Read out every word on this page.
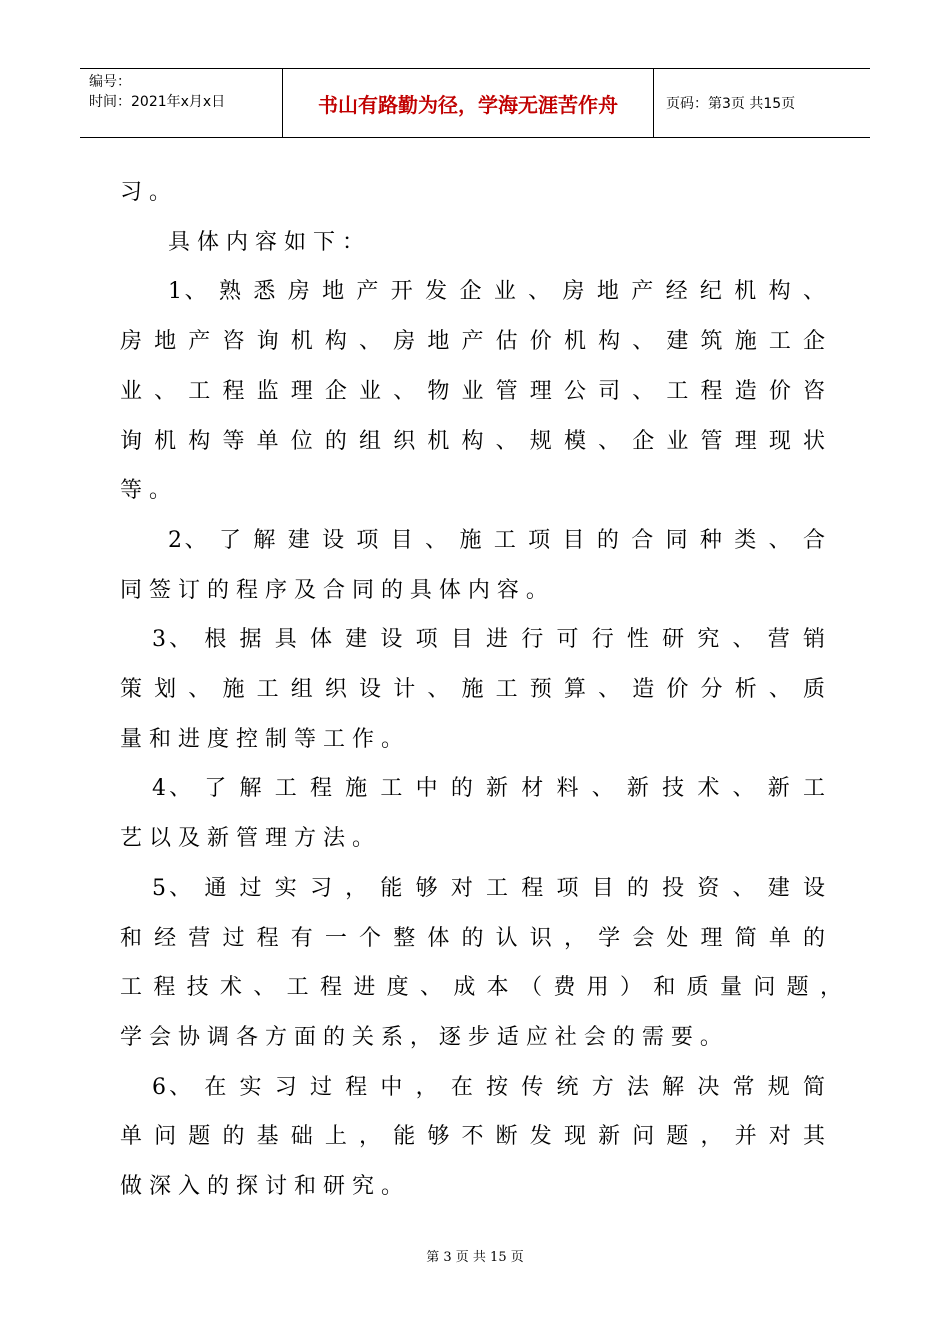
编号：
时间：2021年x月x日	书山有路勤为径，学海无涯苦作舟	页码：第3页 共15页
习 。
具 体 内 容 如 下 ：
1、 熟 悉 房 地 产 开 发 企 业 、 房 地 产 经 纪 机 构 、
房 地 产 咨 询 机 构 、 房 地 产 估 价 机 构 、 建 筑 施 工 企
业 、 工 程 监 理 企 业 、 物 业 管 理 公 司 、 工 程 造 价 咨
询 机 构 等 单 位 的 组 织 机 构 、 规 模 、 企 业 管 理 现 状
等 。
2、 了 解 建 设 项 目 、 施 工 项 目 的 合 同 种 类 、 合
同 签 订 的 程 序 及 合 同 的 具 体 内 容 。
3、 根 据 具 体 建 设 项 目 进 行 可 行 性 研 究 、 营 销
策 划 、 施 工 组 织 设 计 、 施 工 预 算 、 造 价 分 析 、 质
量 和 进 度 控 制 等 工 作 。
4、 了 解 工 程 施 工 中 的 新 材 料 、 新 技 术 、 新 工
艺 以 及 新 管 理 方 法 。
5、 通 过 实 习 ， 能 够 对 工 程 项 目 的 投 资 、 建 设
和 经 营 过 程 有 一 个 整 体 的 认 识 ， 学 会 处 理 简 单 的
工 程 技 术 、 工 程 进 度 、 成 本 （ 费 用 ） 和 质 量 问 题 ，
学 会 协 调 各 方 面 的 关 系 ， 逐 步 适 应 社 会 的 需 要 。
6、 在 实 习 过 程 中 ， 在 按 传 统 方 法 解 决 常 规 简
单 问 题 的 基 础 上 ， 能 够 不 断 发 现 新 问 题 ， 并 对 其
做 深 入 的 探 讨 和 研 究 。
第 3 页 共 15 页
